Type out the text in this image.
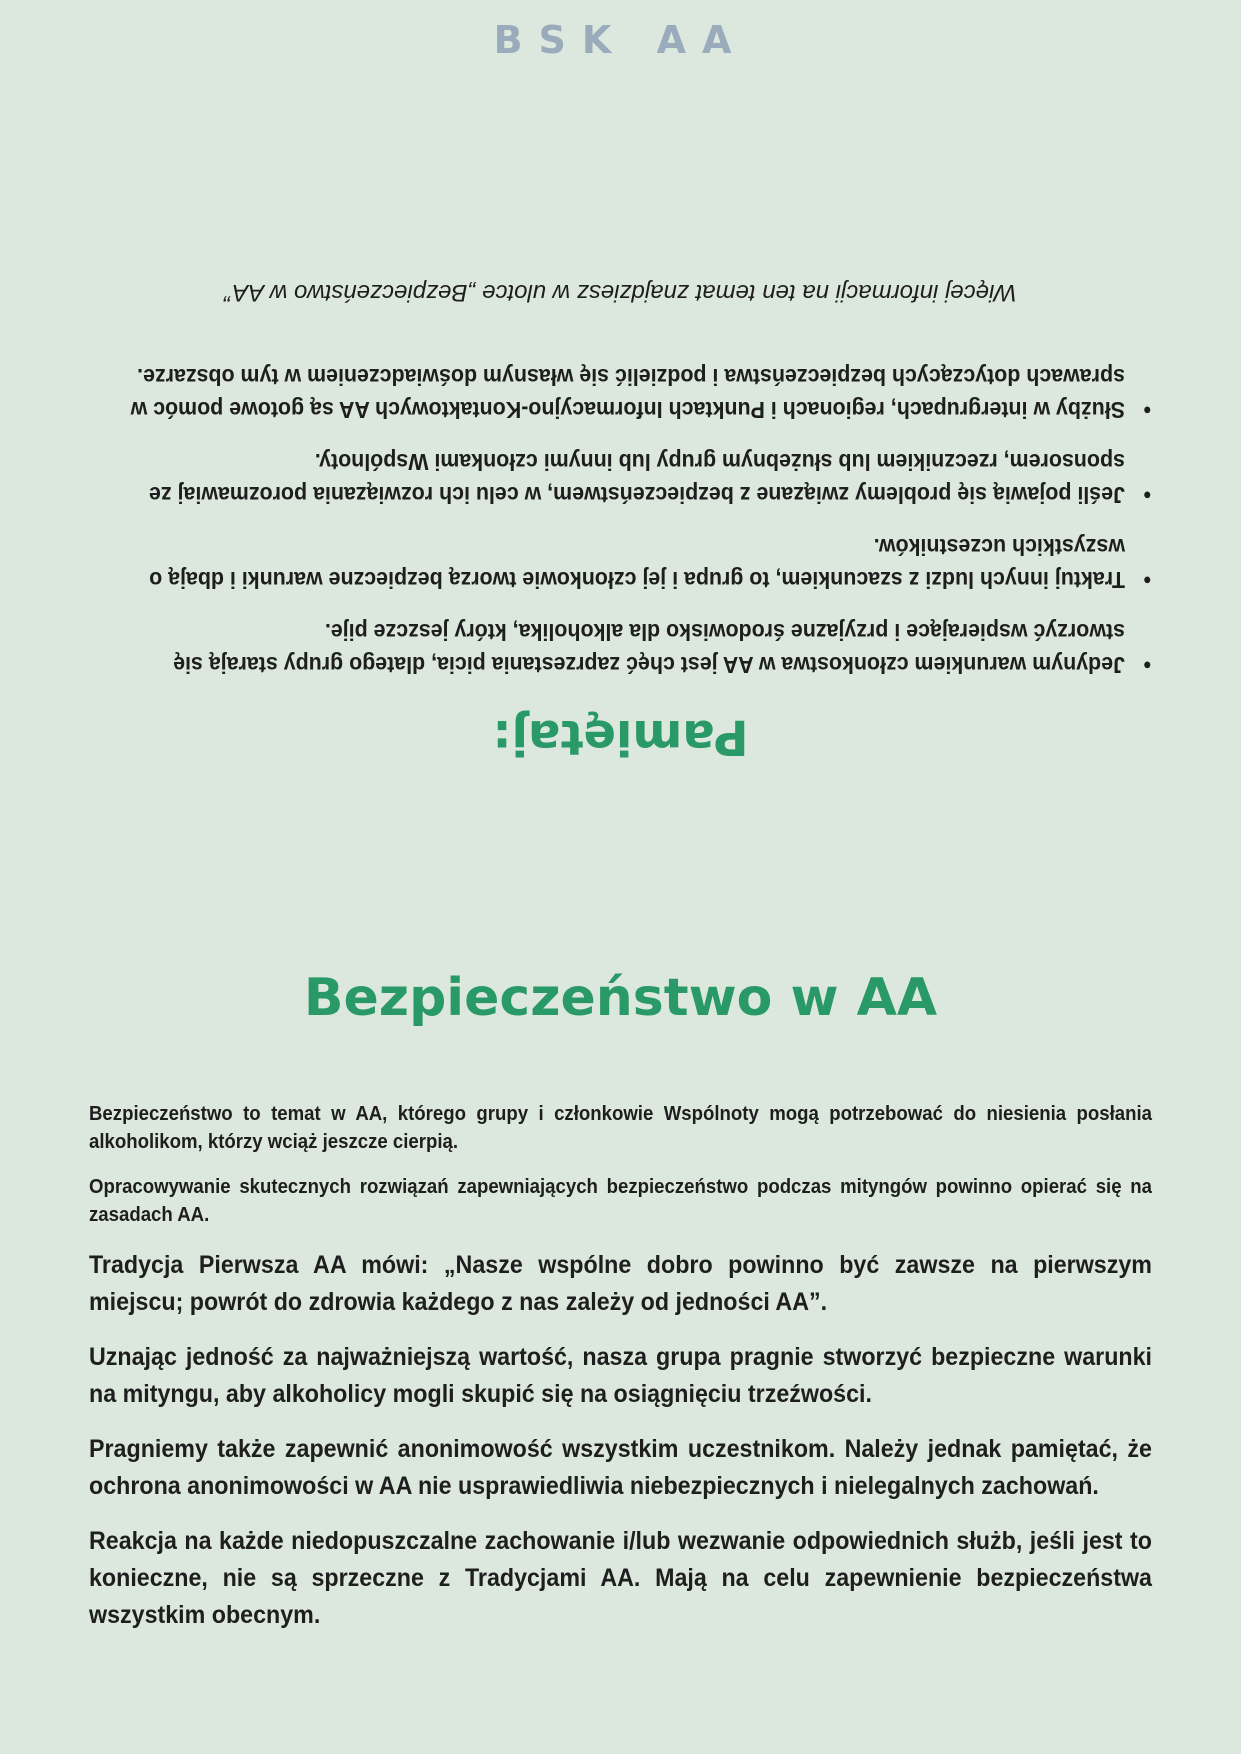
BSK AA
Pamiętaj:
•
Jedynym warunkiem członkostwa w AA jest chęć zaprzestania picia, dlatego grupy starają się stworzyć wspierające i przyjazne środowisko dla alkoholika, który jeszcze pije.
•
Traktuj innych ludzi z szacunkiem, to grupa i jej członkowie tworzą bezpieczne warunki i dbają o wszystkich uczestników.
•
Jeśli pojawią się problemy związane z bezpieczeństwem, w celu ich rozwiązania porozmawiaj ze sponsorem, rzecznikiem lub służebnym grupy lub innymi członkami Wspólnoty.
•
Służby w intergrupach, regionach i Punktach Informacyjno-Kontaktowych AA są gotowe pomóc w sprawach dotyczących bezpieczeństwa i podzielić się własnym doświadczeniem w tym obszarze.
Więcej informacji na ten temat znajdziesz w ulotce „Bezpieczeństwo w AA”
Bezpieczeństwo w AA

Bezpieczeństwo to temat w AA, którego grupy i członkowie Wspólnoty mogą potrzebować do niesienia posłania alkoholikom, którzy wciąż jeszcze cierpią.

Opracowywanie skutecznych rozwiązań zapewniających bezpieczeństwo podczas mityngów powinno opierać się na zasadach AA.

Tradycja Pierwsza AA mówi: „Nasze wspólne dobro powinno być zawsze na pierwszym miejscu; powrót do zdrowia każdego z nas zależy od jedności AA”.

Uznając jedność za najważniejszą wartość, nasza grupa pragnie stworzyć bezpieczne warunki na mityngu, aby alkoholicy mogli skupić się na osiągnięciu trzeźwości.

Pragniemy także zapewnić anonimowość wszystkim uczestnikom. Należy jednak pamiętać, że ochrona anonimowości w AA nie usprawiedliwia niebezpiecznych i nielegalnych zachowań.

Reakcja na każde niedopuszczalne zachowanie i/lub wezwanie odpowiednich służb, jeśli jest to konieczne, nie są sprzeczne z Tradycjami AA. Mają na celu zapewnienie bezpieczeństwa wszystkim obecnym.
